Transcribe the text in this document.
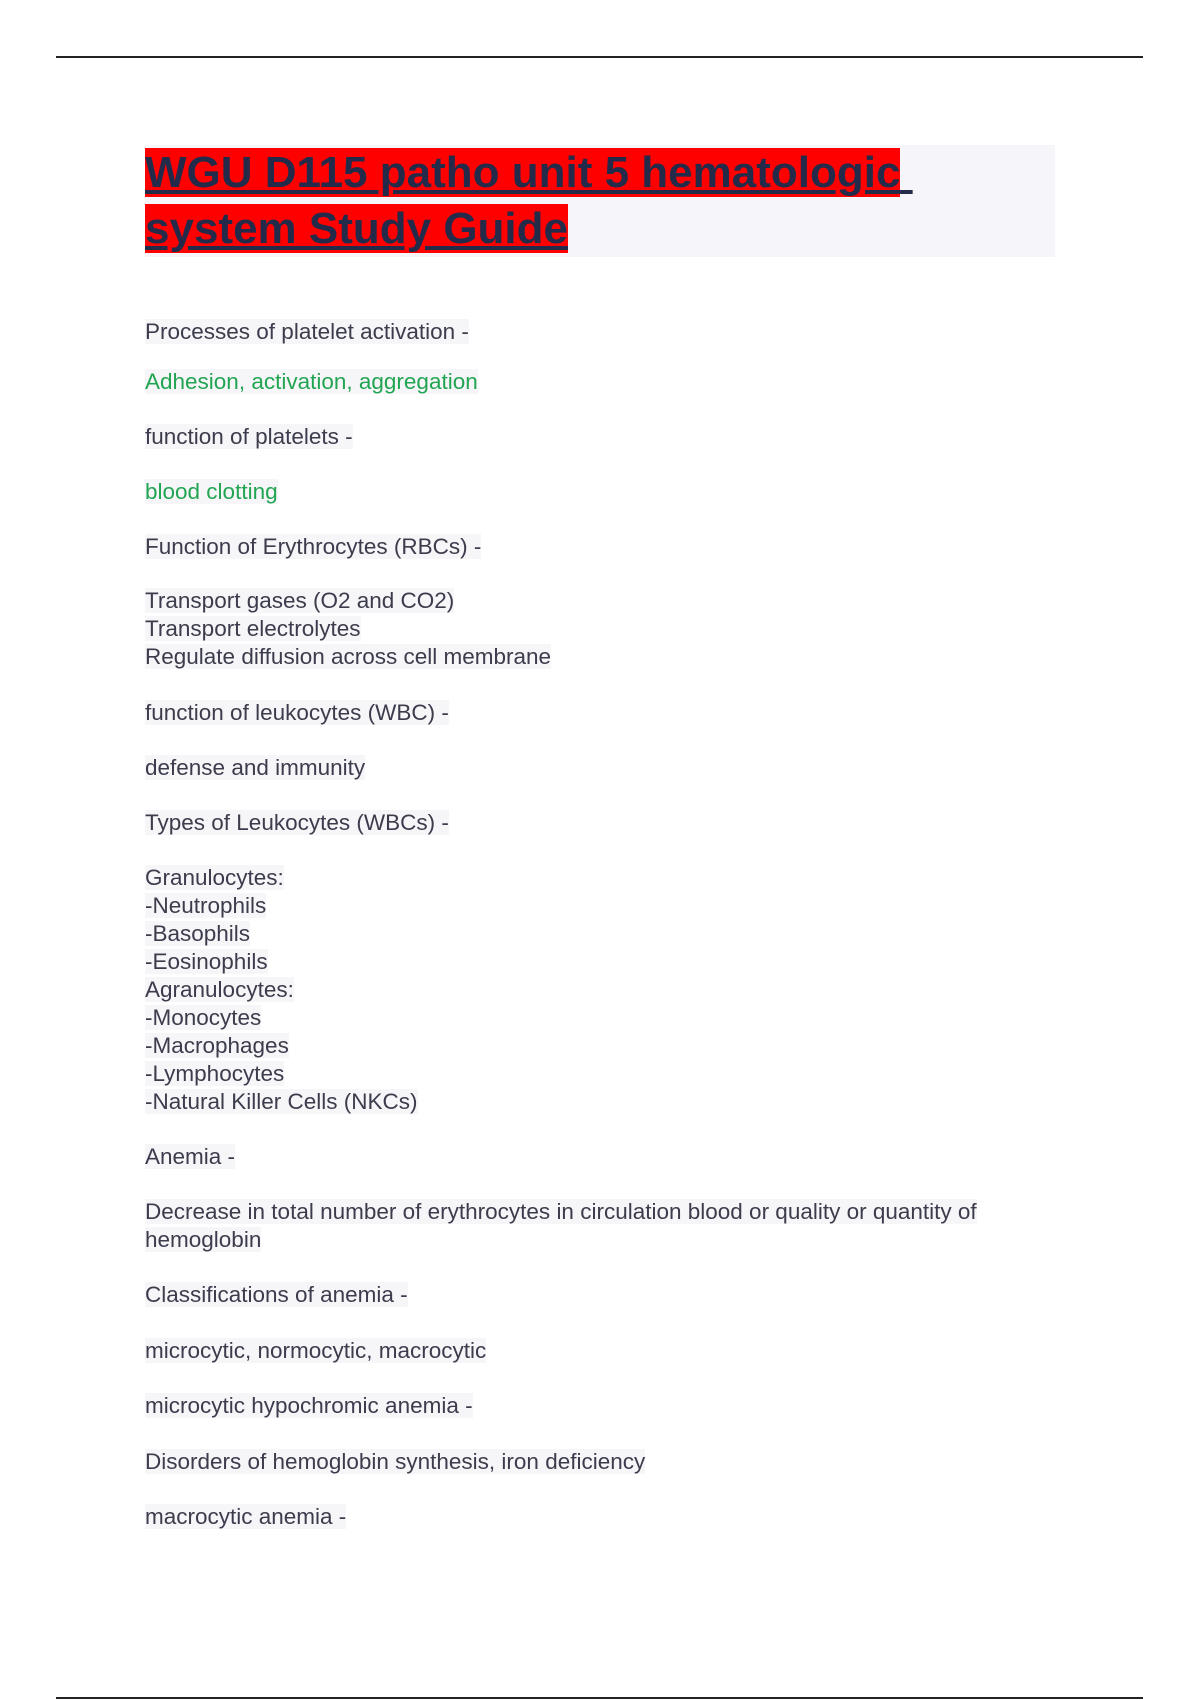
WGU D115 patho unit 5 hematologic
system Study Guide
Processes of platelet activation -
Adhesion, activation, aggregation
function of platelets -
blood clotting
Function of Erythrocytes (RBCs) -
Transport gases (O2 and CO2)
Transport electrolytes
Regulate diffusion across cell membrane
function of leukocytes (WBC) -
defense and immunity
Types of Leukocytes (WBCs) -
Granulocytes:
-Neutrophils
-Basophils
-Eosinophils
Agranulocytes:
-Monocytes
-Macrophages
-Lymphocytes
-Natural Killer Cells (NKCs)
Anemia -
Decrease in total number of erythrocytes in circulation blood or quality or quantity of
hemoglobin
Classifications of anemia -
microcytic, normocytic, macrocytic
microcytic hypochromic anemia -
Disorders of hemoglobin synthesis, iron deficiency
macrocytic anemia -
